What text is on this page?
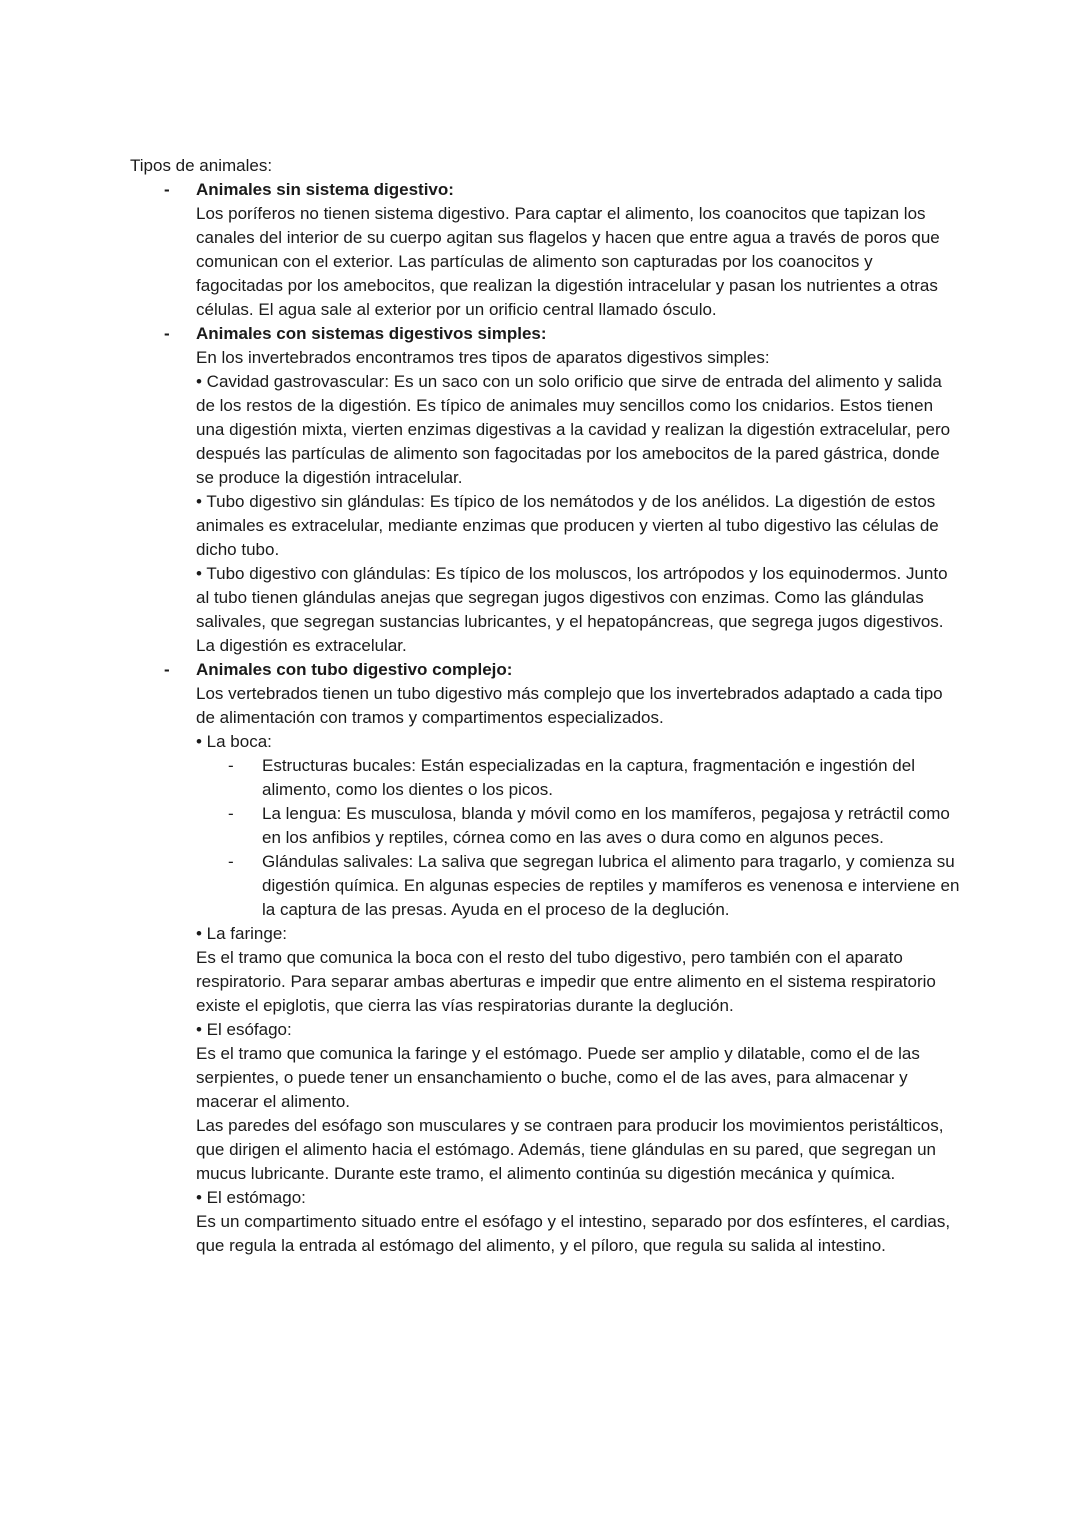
Tipos de animales:

- Animales sin sistema digestivo:

Los poríferos no tienen sistema digestivo. Para captar el alimento, los coanocitos que tapizan los canales del interior de su cuerpo agitan sus flagelos y hacen que entre agua a través de poros que comunican con el exterior. Las partículas de alimento son capturadas por los coanocitos y fagocitadas por los amebocitos, que realizan la digestión intracelular y pasan los nutrientes a otras células. El agua sale al exterior por un orificio central llamado ósculo.

- Animales con sistemas digestivos simples:

En los invertebrados encontramos tres tipos de aparatos digestivos simples:

• Cavidad gastrovascular: Es un saco con un solo orificio que sirve de entrada del alimento y salida de los restos de la digestión. Es típico de animales muy sencillos como los cnidarios. Estos tienen una digestión mixta, vierten enzimas digestivas a la cavidad y realizan la digestión extracelular, pero después las partículas de alimento son fagocitadas por los amebocitos de la pared gástrica, donde se produce la digestión intracelular.

• Tubo digestivo sin glándulas: Es típico de los nemátodos y de los anélidos. La digestión de estos animales es extracelular, mediante enzimas que producen y vierten al tubo digestivo las células de dicho tubo.

• Tubo digestivo con glándulas: Es típico de los moluscos, los artrópodos y los equinodermos. Junto al tubo tienen glándulas anejas que segregan jugos digestivos con enzimas. Como las glándulas salivales, que segregan sustancias lubricantes, y el hepatopáncreas, que segrega jugos digestivos. La digestión es extracelular.

- Animales con tubo digestivo complejo:

Los vertebrados tienen un tubo digestivo más complejo que los invertebrados adaptado a cada tipo de alimentación con tramos y compartimentos especializados.

• La boca:

- Estructuras bucales: Están especializadas en la captura, fragmentación e ingestión del alimento, como los dientes o los picos.
- La lengua: Es musculosa, blanda y móvil como en los mamíferos, pegajosa y retráctil como en los anfibios y reptiles, córnea como en las aves o dura como en algunos peces.
- Glándulas salivales: La saliva que segregan lubrica el alimento para tragarlo, y comienza su digestión química. En algunas especies de reptiles y mamíferos es venenosa e interviene en la captura de las presas. Ayuda en el proceso de la deglución.

• La faringe:

Es el tramo que comunica la boca con el resto del tubo digestivo, pero también con el aparato respiratorio. Para separar ambas aberturas e impedir que entre alimento en el sistema respiratorio existe el epiglotis, que cierra las vías respiratorias durante la deglución.

• El esófago:

Es el tramo que comunica la faringe y el estómago. Puede ser amplio y dilatable, como el de las serpientes, o puede tener un ensanchamiento o buche, como el de las aves, para almacenar y macerar el alimento.

Las paredes del esófago son musculares y se contraen para producir los movimientos peristálticos, que dirigen el alimento hacia el estómago. Además, tiene glándulas en su pared, que segregan un mucus lubricante. Durante este tramo, el alimento continúa su digestión mecánica y química.

• El estómago:

Es un compartimento situado entre el esófago y el intestino, separado por dos esfínteres, el cardias, que regula la entrada al estómago del alimento, y el píloro, que regula su salida al intestino.
